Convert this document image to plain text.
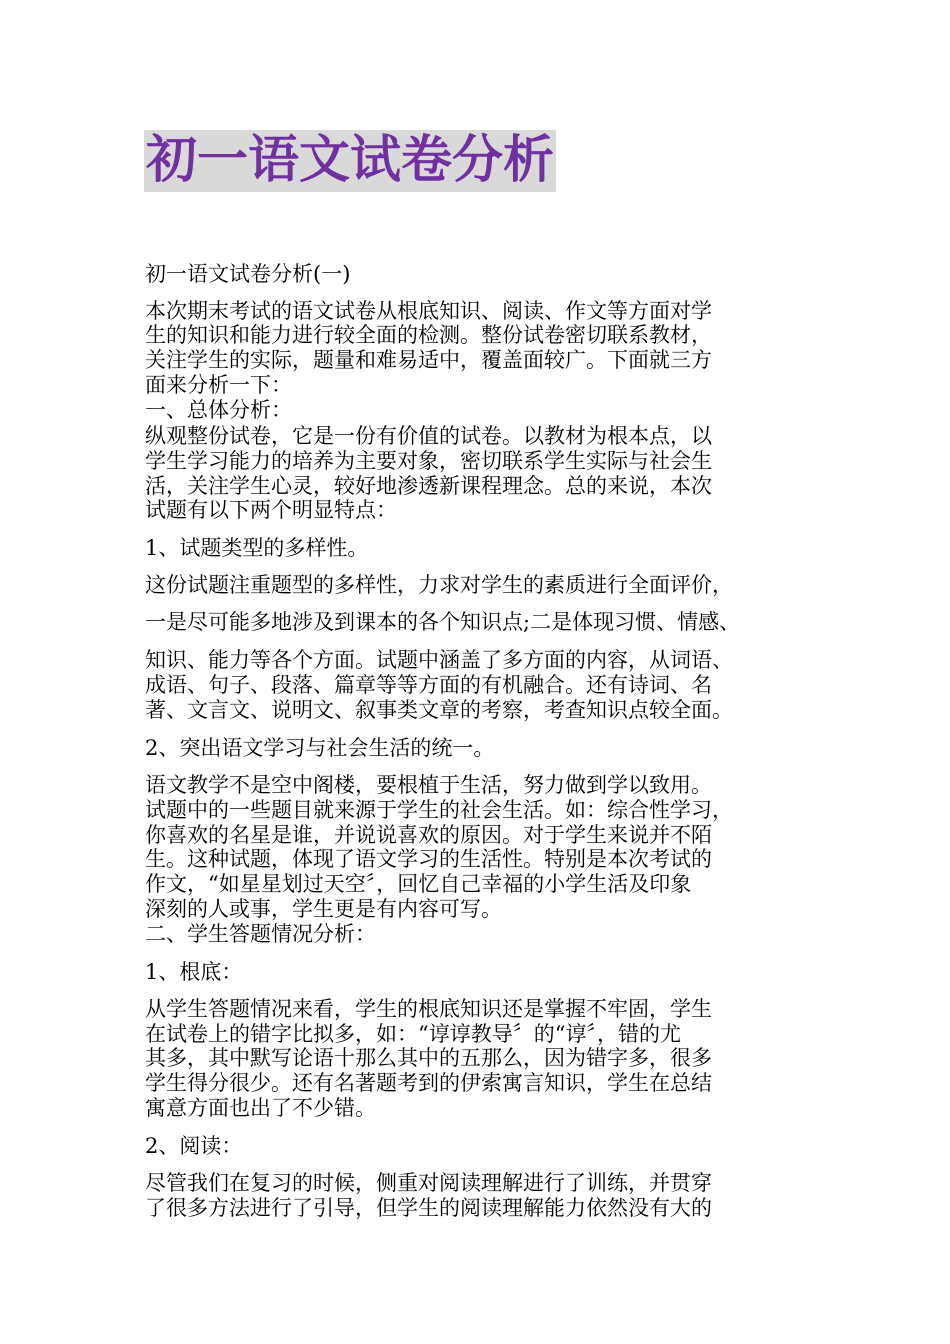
初一语文试卷分析

初一语文试卷分析(一)

本次期末考试的语文试卷从根底知识、阅读、作文等方面对学

生的知识和能力进行较全面的检测。整份试卷密切联系教材，

关注学生的实际，题量和难易适中，覆盖面较广。下面就三方

面来分析一下：

一、总体分析：

纵观整份试卷，它是一份有价值的试卷。以教材为根本点，以

学生学习能力的培养为主要对象，密切联系学生实际与社会生

活，关注学生心灵，较好地渗透新课程理念。总的来说，本次

试题有以下两个明显特点：

1、试题类型的多样性。

这份试题注重题型的多样性，力求对学生的素质进行全面评价，

一是尽可能多地涉及到课本的各个知识点;二是体现习惯、情感、

知识、能力等各个方面。试题中涵盖了多方面的内容，从词语、

成语、句子、段落、篇章等等方面的有机融合。还有诗词、名

著、文言文、说明文、叙事类文章的考察，考查知识点较全面。

2、突出语文学习与社会生活的统一。

语文教学不是空中阁楼，要根植于生活，努力做到学以致用。

试题中的一些题目就来源于学生的社会生活。如：综合性学习，

你喜欢的名星是谁，并说说喜欢的原因。对于学生来说并不陌

生。这种试题，体现了语文学习的生活性。特别是本次考试的

作文，“如星星划过天空〞，回忆自己幸福的小学生活及印象

深刻的人或事，学生更是有内容可写。

二、学生答题情况分析：

1、根底：

从学生答题情况来看，学生的根底知识还是掌握不牢固，学生

在试卷上的错字比拟多，如：“谆谆教导〞的“谆〞，错的尤

其多，其中默写论语十那么其中的五那么，因为错字多，很多

学生得分很少。还有名著题考到的伊索寓言知识，学生在总结

寓意方面也出了不少错。

2、阅读：

尽管我们在复习的时候，侧重对阅读理解进行了训练，并贯穿

了很多方法进行了引导，但学生的阅读理解能力依然没有大的
